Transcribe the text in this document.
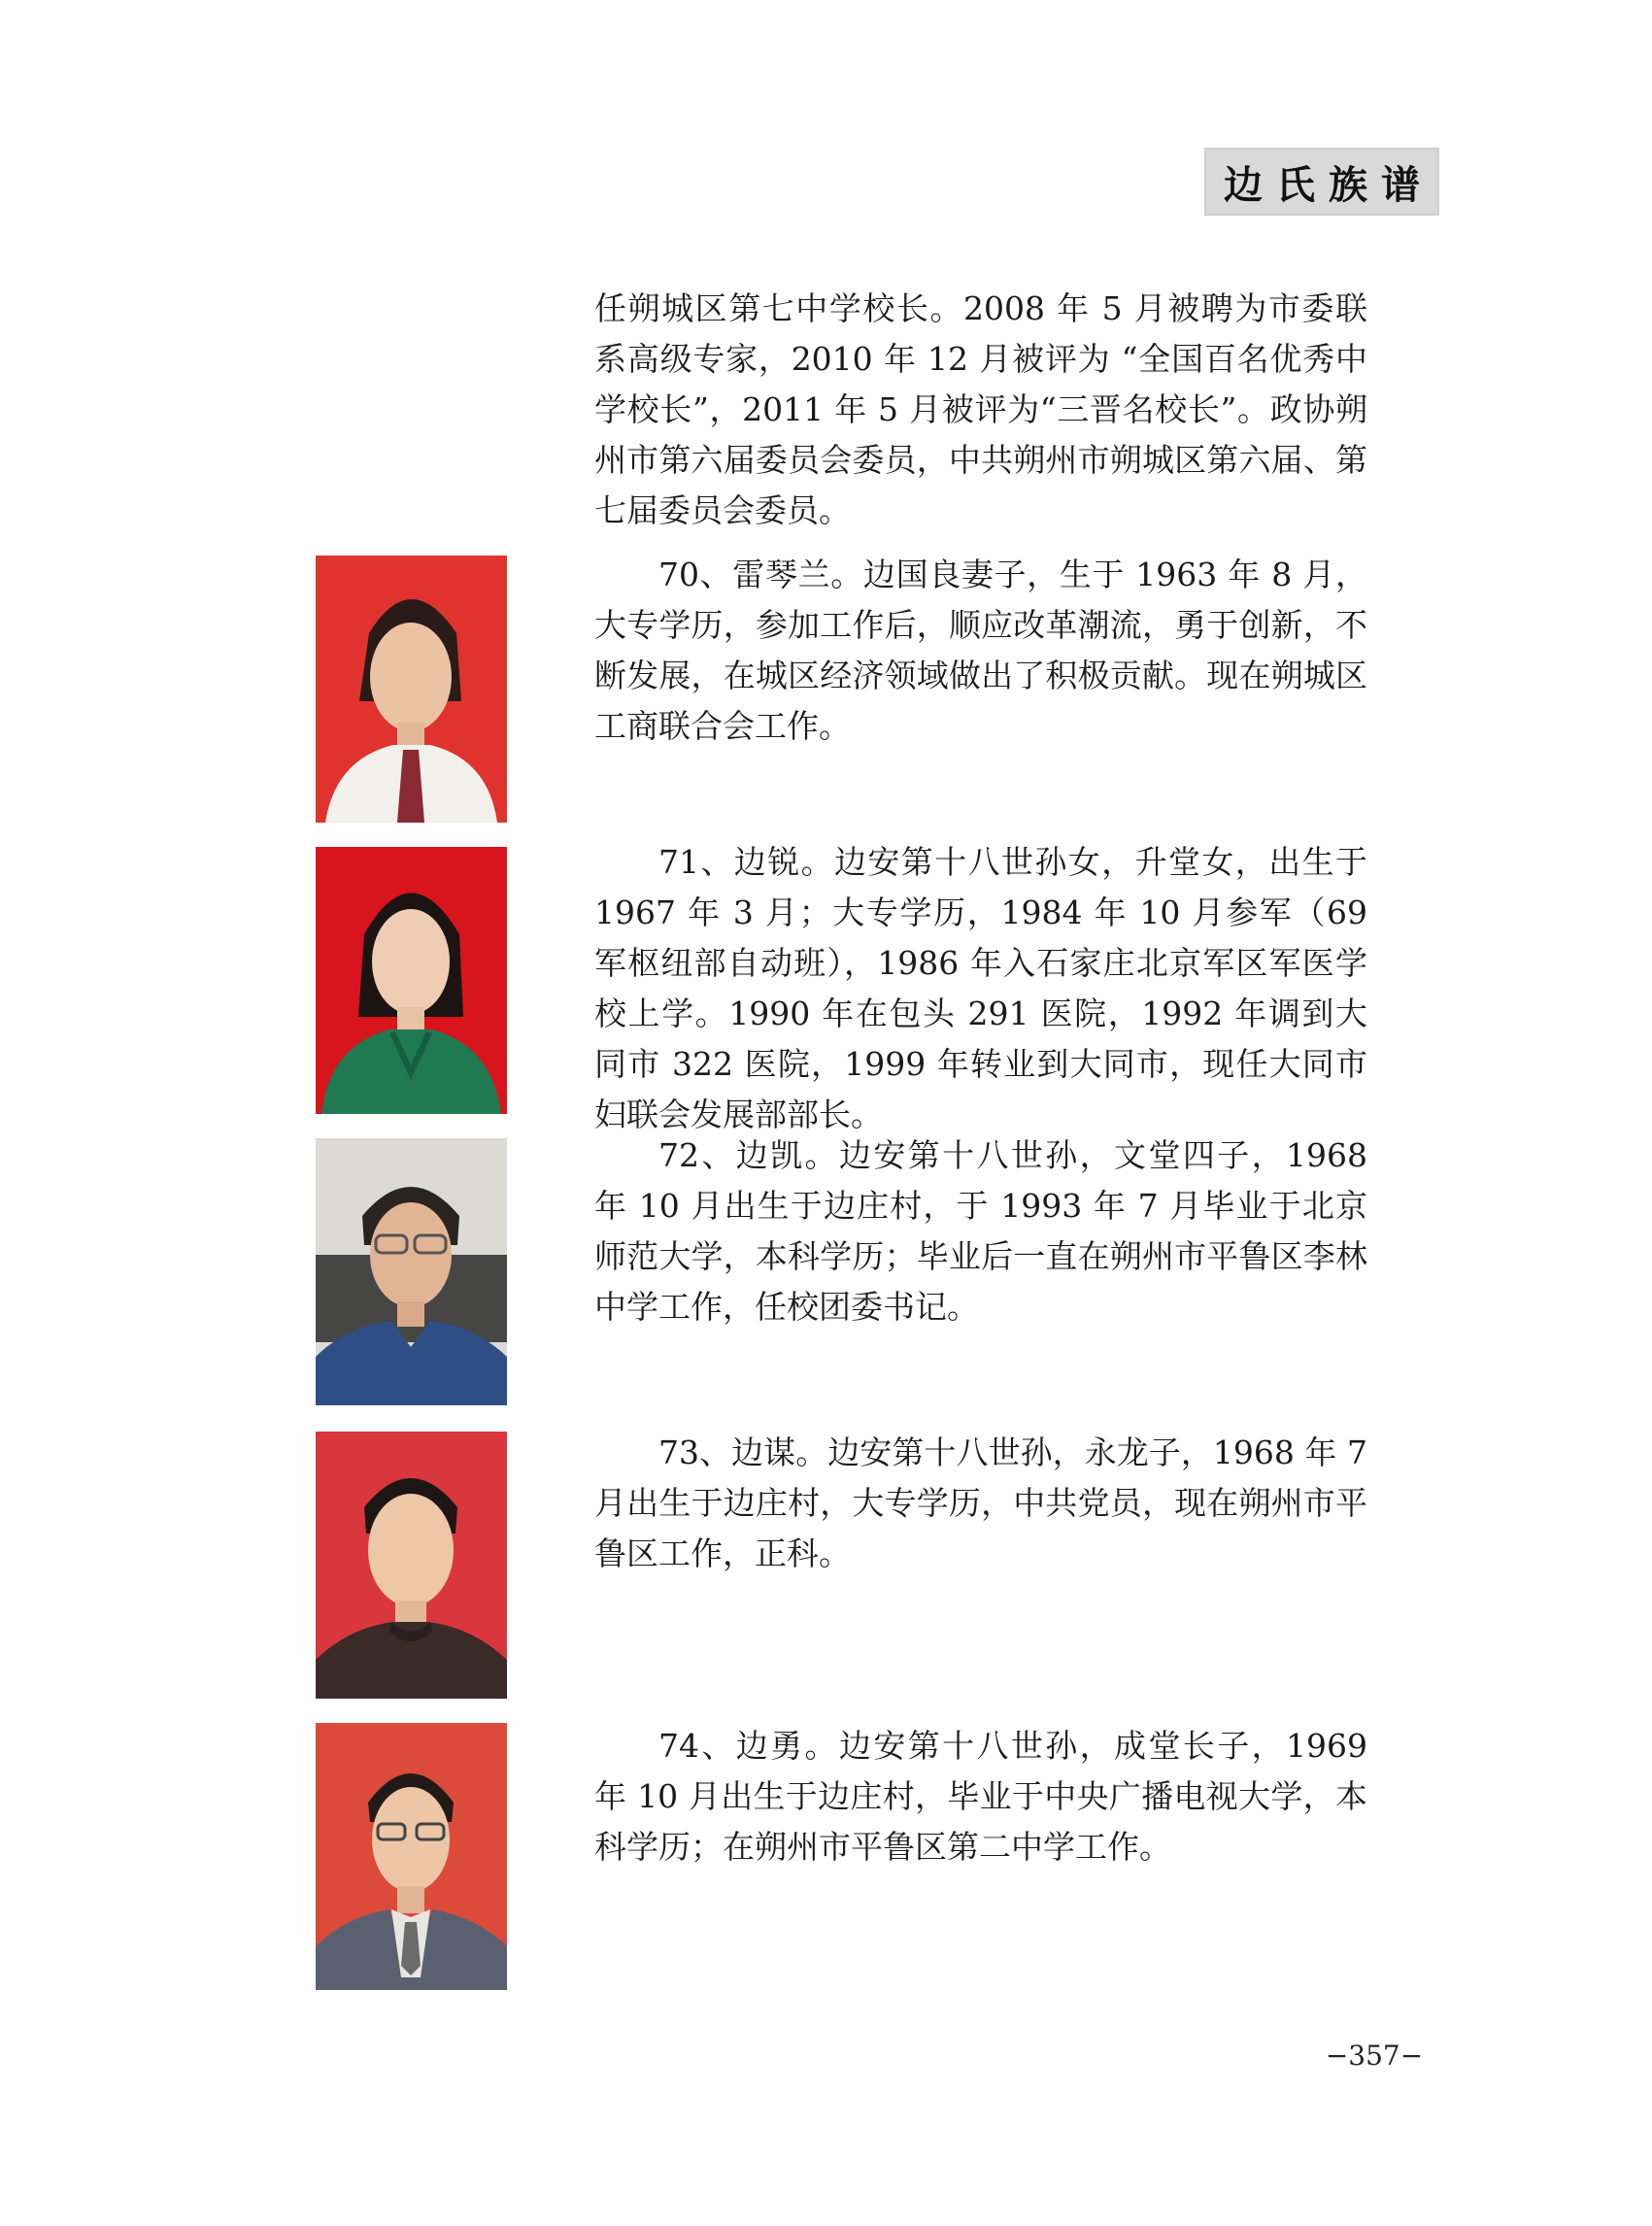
边氏族谱
任朔城区第七中学校长。2008 年 5 月被聘为市委联系高级专家，2010 年 12 月被评为 “全国百名优秀中学校长”，2011 年 5 月被评为“三晋名校长”。政协朔州市第六届委员会委员，中共朔州市朔城区第六届、第七届委员会委员。
70、雷琴兰。边国良妻子，生于 1963 年 8 月，大专学历，参加工作后，顺应改革潮流，勇于创新，不断发展，在城区经济领域做出了积极贡献。现在朔城区工商联合会工作。
71、边锐。边安第十八世孙女，升堂女，出生于 1967 年 3 月；大专学历，1984 年 10 月参军（69 军枢纽部自动班），1986 年入石家庄北京军区军医学校上学。1990 年在包头 291 医院，1992 年调到大同市 322 医院，1999 年转业到大同市，现任大同市妇联会发展部部长。
72、边凯。边安第十八世孙，文堂四子，1968 年 10 月出生于边庄村，于 1993 年 7 月毕业于北京师范大学，本科学历；毕业后一直在朔州市平鲁区李林中学工作，任校团委书记。
73、边谋。边安第十八世孙，永龙子，1968 年 7 月出生于边庄村，大专学历，中共党员，现在朔州市平鲁区工作，正科。
74、边勇。边安第十八世孙，成堂长子，1969 年 10 月出生于边庄村，毕业于中央广播电视大学，本科学历；在朔州市平鲁区第二中学工作。
−357−
